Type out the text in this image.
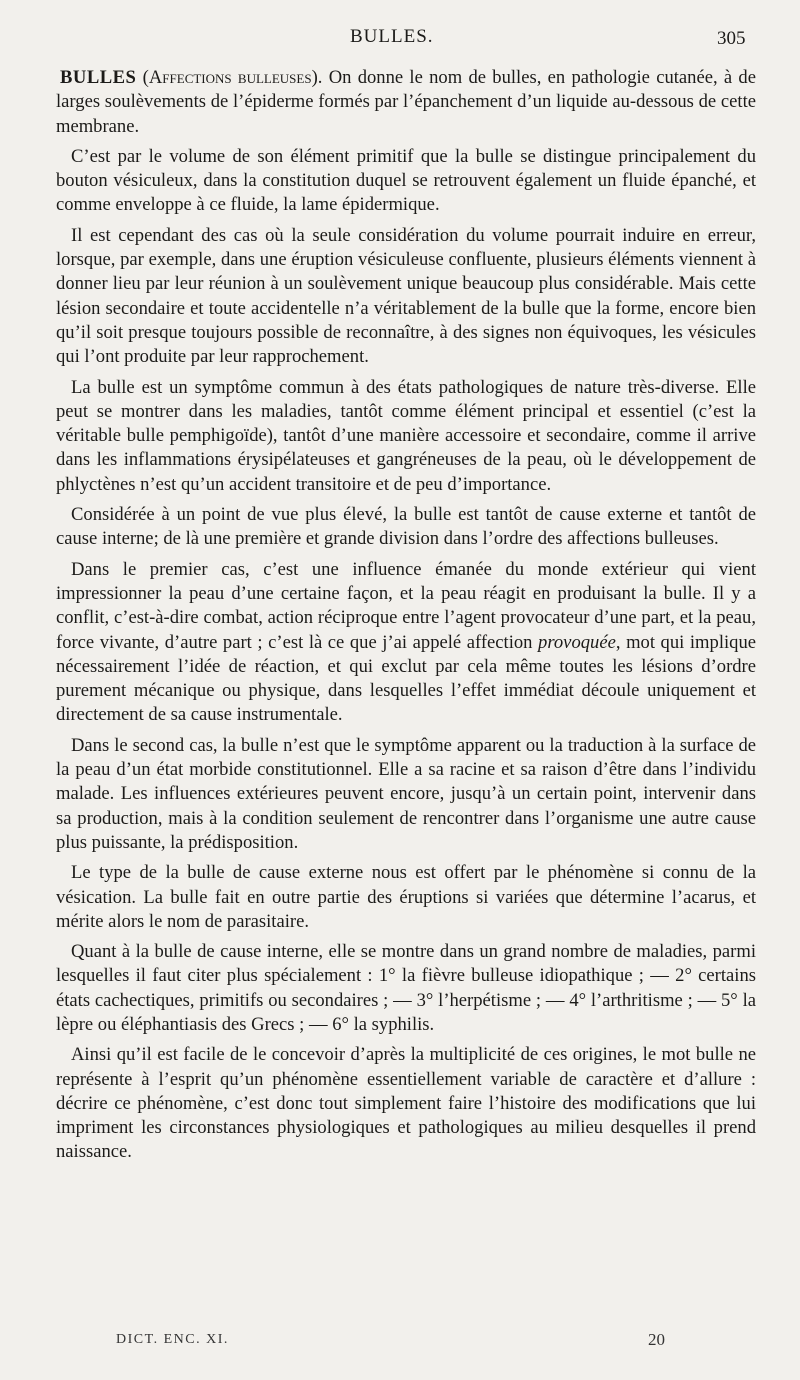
BULLES.	305

BULLES (Affections bulleuses). On donne le nom de bulles, en pathologie cutanée, à de larges soulèvements de l’épiderme formés par l’épanchement d’un liquide au-dessous de cette membrane.

C’est par le volume de son élément primitif que la bulle se distingue principalement du bouton vésiculeux, dans la constitution duquel se retrouvent également un fluide épanché, et comme enveloppe à ce fluide, la lame épidermique.

Il est cependant des cas où la seule considération du volume pourrait induire en erreur, lorsque, par exemple, dans une éruption vésiculeuse confluente, plusieurs éléments viennent à donner lieu par leur réunion à un soulèvement unique beaucoup plus considérable. Mais cette lésion secondaire et toute accidentelle n’a véritablement de la bulle que la forme, encore bien qu’il soit presque toujours possible de reconnaître, à des signes non équivoques, les vésicules qui l’ont produite par leur rapprochement.

La bulle est un symptôme commun à des états pathologiques de nature très-diverse. Elle peut se montrer dans les maladies, tantôt comme élément principal et essentiel (c’est la véritable bulle pemphigoïde), tantôt d’une manière accessoire et secondaire, comme il arrive dans les inflammations érysipélateuses et gangréneuses de la peau, où le développement de phlyctènes n’est qu’un accident transitoire et de peu d’importance.

Considérée à un point de vue plus élevé, la bulle est tantôt de cause externe et tantôt de cause interne; de là une première et grande division dans l’ordre des affections bulleuses.

Dans le premier cas, c’est une influence émanée du monde extérieur qui vient impressionner la peau d’une certaine façon, et la peau réagit en produisant la bulle. Il y a conflit, c’est-à-dire combat, action réciproque entre l’agent provocateur d’une part, et la peau, force vivante, d’autre part ; c’est là ce que j’ai appelé affection provoquée, mot qui implique nécessairement l’idée de réaction, et qui exclut par cela même toutes les lésions d’ordre purement mécanique ou physique, dans lesquelles l’effet immédiat découle uniquement et directement de sa cause instrumentale.

Dans le second cas, la bulle n’est que le symptôme apparent ou la traduction à la surface de la peau d’un état morbide constitutionnel. Elle a sa racine et sa raison d’être dans l’individu malade. Les influences extérieures peuvent encore, jusqu’à un certain point, intervenir dans sa production, mais à la condition seulement de rencontrer dans l’organisme une autre cause plus puissante, la prédisposition.

Le type de la bulle de cause externe nous est offert par le phénomène si connu de la vésication. La bulle fait en outre partie des éruptions si variées que détermine l’acarus, et mérite alors le nom de parasitaire.

Quant à la bulle de cause interne, elle se montre dans un grand nombre de maladies, parmi lesquelles il faut citer plus spécialement : 1° la fièvre bulleuse idiopathique ; — 2° certains états cachectiques, primitifs ou secondaires ; — 3° l’herpétisme ; — 4° l’arthritisme ; — 5° la lèpre ou éléphantiasis des Grecs ; — 6° la syphilis.

Ainsi qu’il est facile de le concevoir d’après la multiplicité de ces origines, le mot bulle ne représente à l’esprit qu’un phénomène essentiellement variable de caractère et d’allure : décrire ce phénomène, c’est donc tout simplement faire l’histoire des modifications que lui impriment les circonstances physiologiques et pathologiques au milieu desquelles il prend naissance.

DICT. ENC. XI.	20
